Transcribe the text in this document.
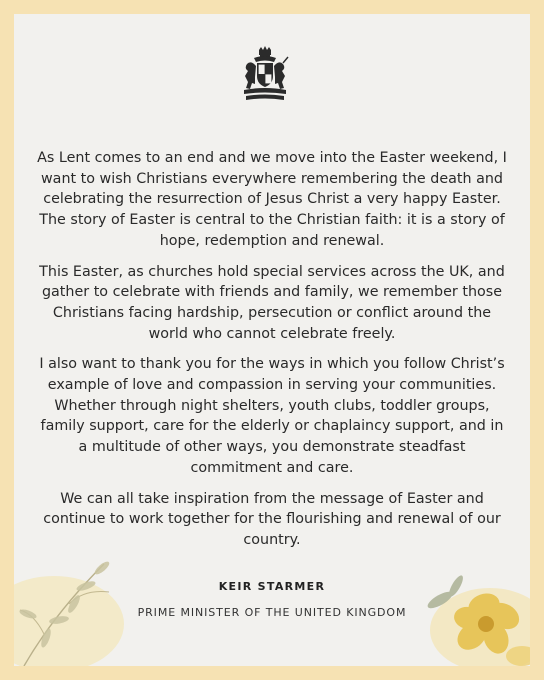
As Lent comes to an end and we move into the Easter weekend, I want to wish Christians everywhere remembering the death and celebrating the resurrection of Jesus Christ a very happy Easter. The story of Easter is central to the Christian faith: it is a story of hope, redemption and renewal.

This Easter, as churches hold special services across the UK, and gather to celebrate with friends and family, we remember those Christians facing hardship, persecution or conflict around the world who cannot celebrate freely.

I also want to thank you for the ways in which you follow Christ’s example of love and compassion in serving your communities. Whether through night shelters, youth clubs, toddler groups, family support, care for the elderly or chaplaincy support, and in a multitude of other ways, you demonstrate steadfast commitment and care.

We can all take inspiration from the message of Easter and continue to work together for the flourishing and renewal of our country.

KEIR STARMER
PRIME MINISTER OF THE UNITED KINGDOM
